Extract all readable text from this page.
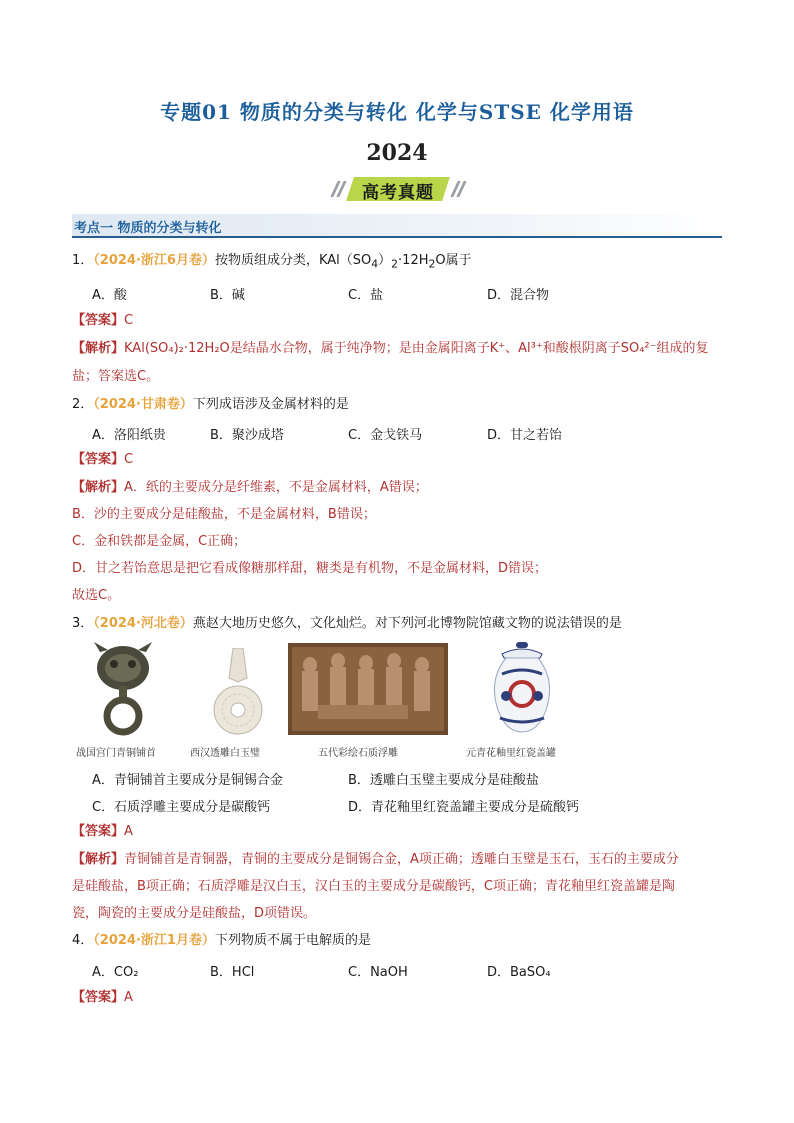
专题01 物质的分类与转化 化学与STSE 化学用语
2024
高考真题
考点一 物质的分类与转化
1．（2024·浙江6月卷）按物质组成分类，$KAl(SO_4)_2\cdot 12H_2O$属于
A．酸	B．碱	C．盐	D．混合物
【答案】C
【解析】KAl(SO₄)₂·12H₂O是结晶水合物，属于纯净物；是由金属阳离子K⁺、Al³⁺和酸根阴离子SO₄²⁻组成的复
盐；答案选C。
2．（2024·甘肃卷）下列成语涉及金属材料的是
A．洛阳纸贵	B．聚沙成塔	C．金戈铁马	D．甘之若饴
【答案】C
【解析】A．纸的主要成分是纤维素，不是金属材料，A错误；
B．沙的主要成分是硅酸盐，不是金属材料，B错误；
C．金和铁都是金属，C正确；
D．甘之若饴意思是把它看成像糖那样甜，糖类是有机物，不是金属材料，D错误；
故选C。
3．（2024·河北卷）燕赵大地历史悠久，文化灿烂。对下列河北博物院馆藏文物的说法错误的是
战国宫门青铜铺首	西汉透雕白玉璧	五代彩绘石质浮雕	元青花釉里红瓷盖罐
A．青铜铺首主要成分是铜锡合金	B．透雕白玉璧主要成分是硅酸盐
C．石质浮雕主要成分是碳酸钙	D．青花釉里红瓷盖罐主要成分是硫酸钙
【答案】A
【解析】青铜铺首是青铜器，青铜的主要成分是铜锡合金，A项正确；透雕白玉璧是玉石，玉石的主要成分
是硅酸盐，B项正确；石质浮雕是汉白玉，汉白玉的主要成分是碳酸钙，C项正确；青花釉里红瓷盖罐是陶
瓷，陶瓷的主要成分是硅酸盐，D项错误。
4．（2024·浙江1月卷）下列物质不属于电解质的是
A．CO₂	B．HCl	C．NaOH	D．BaSO₄
【答案】A
